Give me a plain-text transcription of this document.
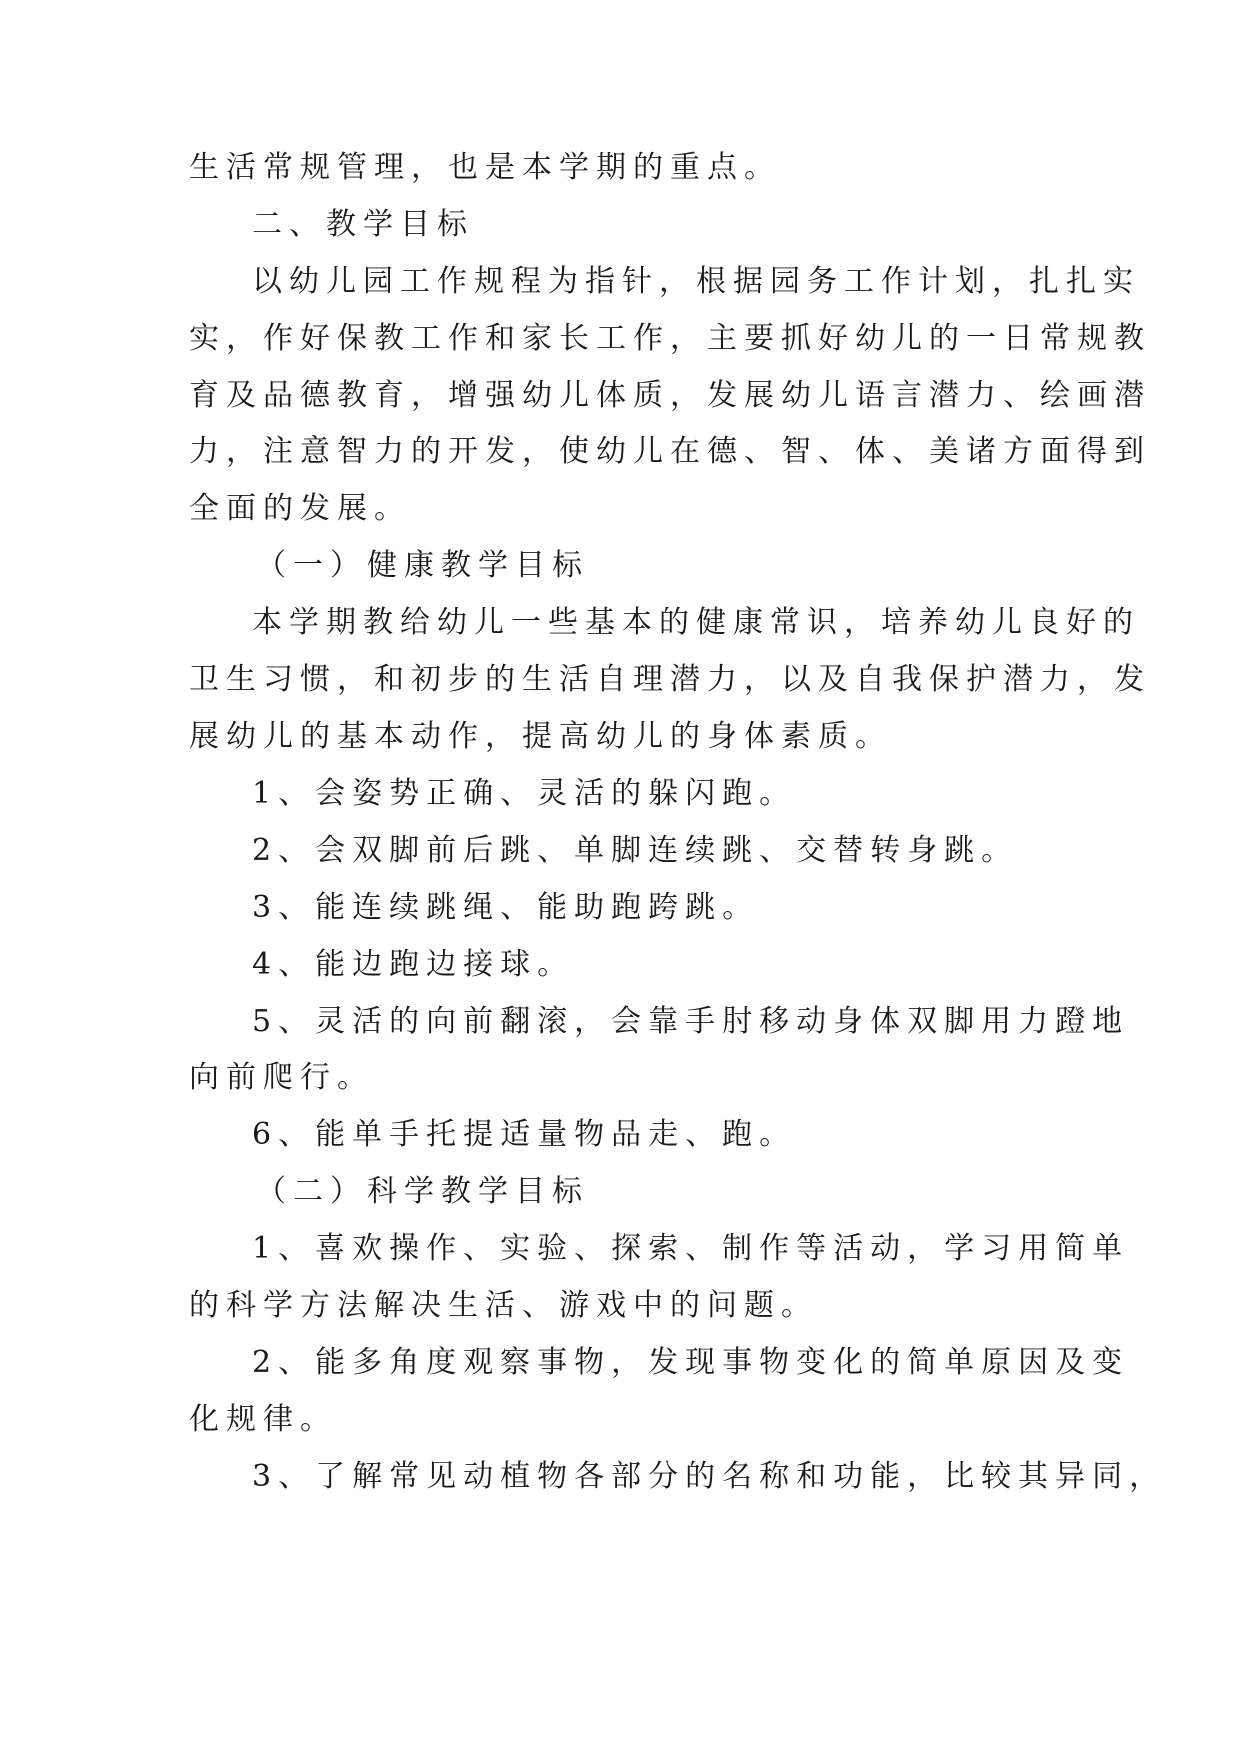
生活常规管理，也是本学期的重点。
二、教学目标
以幼儿园工作规程为指针，根据园务工作计划，扎扎实
实，作好保教工作和家长工作，主要抓好幼儿的一日常规教
育及品德教育，增强幼儿体质，发展幼儿语言潜力、绘画潜
力，注意智力的开发，使幼儿在德、智、体、美诸方面得到
全面的发展。
（一）健康教学目标
本学期教给幼儿一些基本的健康常识，培养幼儿良好的
卫生习惯，和初步的生活自理潜力，以及自我保护潜力，发
展幼儿的基本动作，提高幼儿的身体素质。
1、会姿势正确、灵活的躲闪跑。
2、会双脚前后跳、单脚连续跳、交替转身跳。
3、能连续跳绳、能助跑跨跳。
4、能边跑边接球。
5、灵活的向前翻滚，会靠手肘移动身体双脚用力蹬地
向前爬行。
6、能单手托提适量物品走、跑。
（二）科学教学目标
1、喜欢操作、实验、探索、制作等活动，学习用简单
的科学方法解决生活、游戏中的问题。
2、能多角度观察事物，发现事物变化的简单原因及变
化规律。
3、了解常见动植物各部分的名称和功能，比较其异同，
